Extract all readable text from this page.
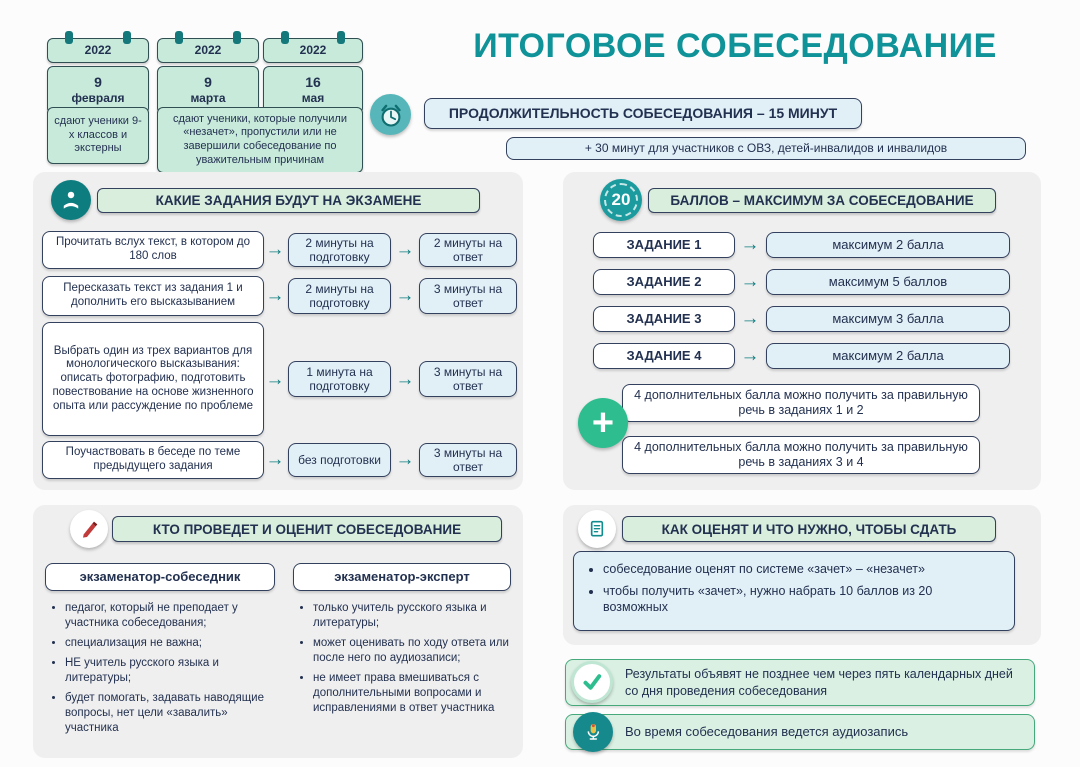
2022
9
февраля
2022
9
марта
2022
16
мая
сдают ученики 9-х классов и экстерны
сдают ученики, которые получили «незачет», пропустили или не завершили собеседование по уважительным причинам
ИТОГОВОЕ СОБЕСЕДОВАНИЕ
ПРОДОЛЖИТЕЛЬНОСТЬ СОБЕСЕДОВАНИЯ – 15 МИНУТ
+ 30 минут для участников с ОВЗ, детей-инвалидов и инвалидов
КАКИЕ ЗАДАНИЯ БУДУТ НА ЭКЗАМЕНЕ
Прочитать вслух текст, в котором до 180 слов	→	2 минуты на подготовку	→	2 минуты на ответ
Пересказать текст из задания 1 и дополнить его высказыванием	→	2 минуты на подготовку	→	3 минуты на ответ
Выбрать один из трех вариантов для монологического высказывания: описать фотографию, подготовить повествование на основе жизненного опыта или рассуждение по проблеме
→	1 минута на подготовку	→	3 минуты на ответ
Поучаствовать в беседе по теме предыдущего задания	→	без подготовки →	3 минуты на ответ
20	БАЛЛОВ – МАКСИМУМ ЗА СОБЕСЕДОВАНИЕ
ЗАДАНИЕ 1	→	максимум 2 балла
ЗАДАНИЕ 2	→	максимум 5 баллов
ЗАДАНИЕ 3	→	максимум 3 балла
ЗАДАНИЕ 4	→	максимум 2 балла
4 дополнительных балла можно получить за правильную речь в заданиях 1 и 2
4 дополнительных балла можно получить за правильную речь в заданиях 3 и 4
+
КТО ПРОВЕДЕТ И ОЦЕНИТ СОБЕСЕДОВАНИЕ
экзаменатор-собеседник	экзаменатор-эксперт
• педагог, который не преподает у участника собеседования;
• специализация не важна;
• НЕ учитель русского языка и литературы;
• будет помогать, задавать наводящие вопросы, нет цели «завалить» участника
• только учитель русского языка и литературы;
• может оценивать по ходу ответа или после него по аудиозаписи;
• не имеет права вмешиваться с дополнительными вопросами и исправлениями в ответ участника
КАК ОЦЕНЯТ И ЧТО НУЖНО, ЧТОБЫ СДАТЬ
• собеседование оценят по системе «зачет» – «незачет»
• чтобы получить «зачет», нужно набрать 10 баллов из 20 возможных
Результаты объявят не позднее чем через пять календарных дней со дня проведения собеседования
Во время собеседования ведется аудиозапись
